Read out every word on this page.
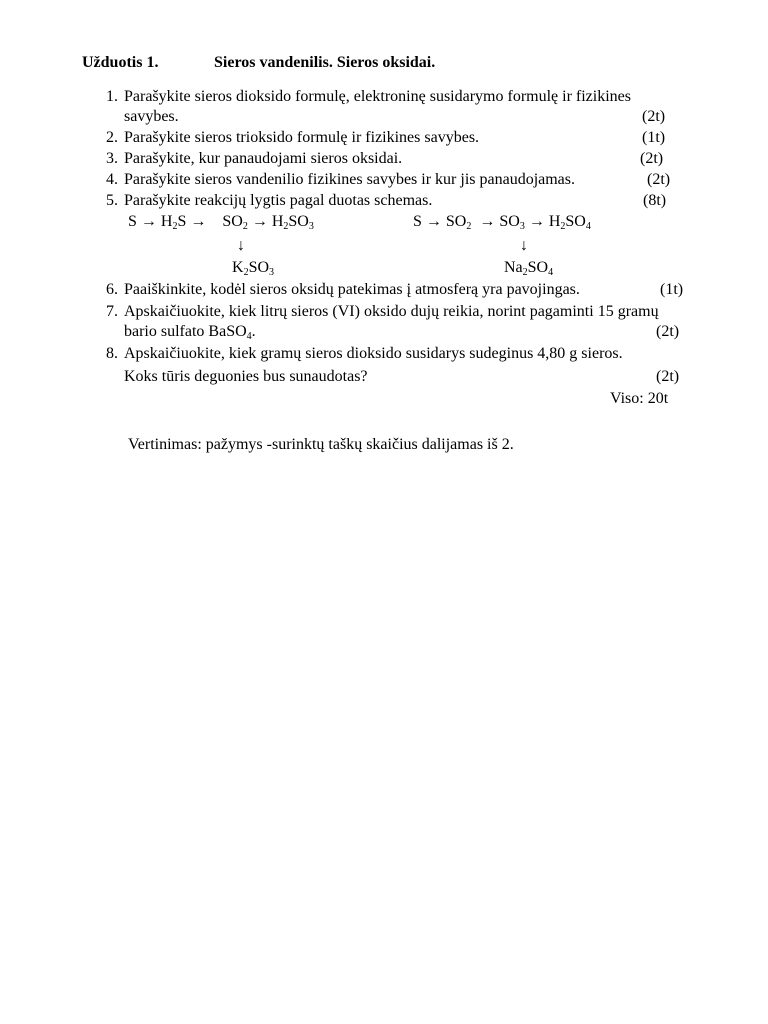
Užduotis 1.	Sieros vandenilis. Sieros oksidai.
1. Parašykite sieros dioksido formulę, elektroninę susidarymo formulę ir fizikines
savybes.	(2t)
2. Parašykite sieros trioksido formulę ir fizikines savybes.	(1t)
3. Parašykite, kur panaudojami sieros oksidai.	(2t)
4. Parašykite sieros vandenilio fizikines savybes ir kur jis panaudojamas.	(2t)
5. Parašykite reakcijų lygtis pagal duotas schemas.	(8t)
$S \to H_2S \to SO_2 \to H_2SO_3$
↓
$K_2SO_3$
$S \to SO_2 \to SO_3 \to H_2SO_4$
↓
$Na_2SO_4$
6. Paaiškinkite, kodėl sieros oksidų patekimas į atmosferą yra pavojingas.	(1t)
7. Apskaičiuokite, kiek litrų sieros (VI) oksido dujų reikia, norint pagaminti 15 gramų
bario sulfato BaSO$_4$.	(2t)
8. Apskaičiuokite, kiek gramų sieros dioksido susidarys sudeginus 4,80 g sieros.
Koks tūris deguonies bus sunaudotas?	(2t)
Viso: 20t
Vertinimas: pažymys -surinktų taškų skaičius dalijamas iš 2.
